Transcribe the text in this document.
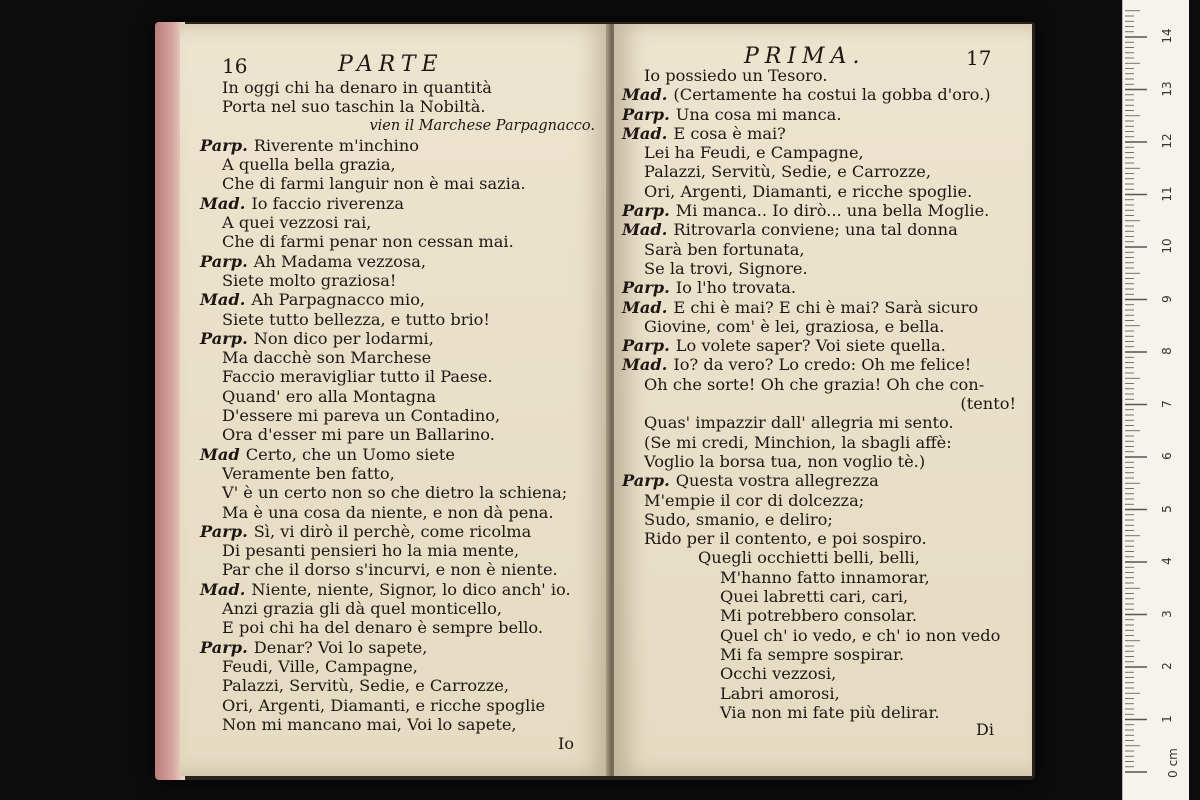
16	PARTE
In oggi chi ha denaro in quantità
Porta nel suo taschin la Nobiltà.
vien il Marchese Parpagnacco.
Parp. Riverente m'inchino
A quella bella grazia,
Che di farmi languir non è mai sazia.
Mad. Io faccio riverenza
A quei vezzosi rai,
Che di farmi penar non cessan mai.
Parp. Ah Madama vezzosa,
Siete molto graziosa!
Mad. Ah Parpagnacco mio,
Siete tutto bellezza, e tutto brio!
Parp. Non dico per lodarmi,
Ma dacchè son Marchese
Faccio meravigliar tutto il Paese.
Quand' ero alla Montagna
D'essere mi pareva un Contadino,
Ora d'esser mi pare un Ballarino.
Mad Certo, che un Uomo siete
Veramente ben fatto,
V' è un certo non so che dietro la schiena;
Ma è una cosa da niente, e non dà pena.
Parp. Sì, vi dirò il perchè, come ricolma
Di pesanti pensieri ho la mia mente,
Par che il dorso s'incurvi, e non è niente.
Mad. Niente, niente, Signor, lo dico anch' io.
Anzi grazia gli dà quel monticello,
E poi chi ha del denaro è sempre bello.
Parp. Denar? Voi lo sapete,
Feudi, Ville, Campagne,
Palazzi, Servitù, Sedie, e Carrozze,
Ori, Argenti, Diamanti, e ricche spoglie
Non mi mancano mai, Voi lo sapete,
Io
PRIMA.	17
Io possiedo un Tesoro.
Mad. (Certamente ha costui la gobba d'oro.)
Parp. Una cosa mi manca.
Mad. E cosa è mai?
Lei ha Feudi, e Campagne,
Palazzi, Servitù, Sedie, e Carrozze,
Ori, Argenti, Diamanti, e ricche spoglie.
Parp. Mi manca.. Io dirò... una bella Moglie.
Mad. Ritrovarla conviene; una tal donna
Sarà ben fortunata,
Se la trovi, Signore.
Parp. Io l'ho trovata.
Mad. E chi è mai? E chi è mai? Sarà sicuro
Giovine, com' è lei, graziosa, e bella.
Parp. Lo volete saper? Voi siete quella.
Mad. Io? da vero? Lo credo: Oh me felice!
Oh che sorte! Oh che grazia! Oh che con-
(tento!
Quas' impazzir dall' allegria mi sento.
(Se mi credi, Minchion, la sbagli affè:
Voglio la borsa tua, non voglio tè.)
Parp. Questa vostra allegrezza
M'empie il cor di dolcezza;
Sudo, smanio, e deliro;
Rido per il contento, e poi sospiro.
Quegli occhietti belli, belli,
M'hanno fatto innamorar,
Quei labretti cari, cari,
Mi potrebbero consolar.
Quel ch' io vedo, e ch' io non vedo
Mi fa sempre sospirar.
Occhi vezzosi,
Labri amorosi,
Via non mi fate più delirar.
Di
1
2
3
4
5
6
7
8
9
10
11
12
13
14
0 cm
